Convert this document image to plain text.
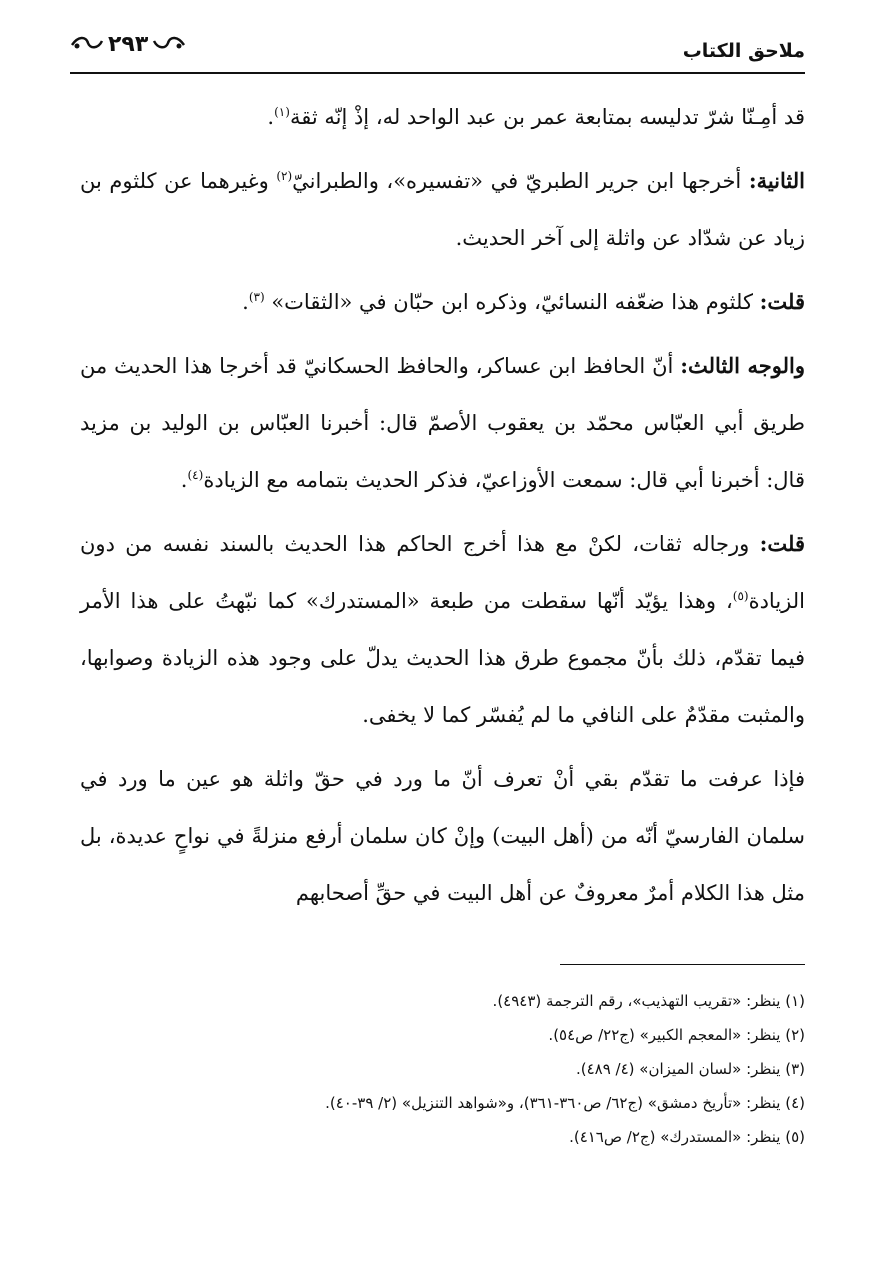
ملاحق الكتاب
٢٩٣

قد أمِـنّا شرّ تدليسه بمتابعة عمر بن عبد الواحد له، إذْ إنّه ثقة$^{(١)}$.

الثانية: أخرجها ابن جرير الطبريّ في «تفسيره»، والطبرانيّ$^{(٢)}$ وغيرهما عن كلثوم بن زياد عن شدّاد عن واثلة إلى آخر الحديث.

قلت: كلثوم هذا ضعّفه النسائيّ، وذكره ابن حبّان في «الثقات» $^{(٣)}$.

والوجه الثالث: أنّ الحافظ ابن عساكر، والحافظ الحسكانيّ قد أخرجا هذا الحديث من طريق أبي العبّاس محمّد بن يعقوب الأصمّ قال: أخبرنا العبّاس بن الوليد بن مزيد قال: أخبرنا أبي قال: سمعت الأوزاعيّ، فذكر الحديث بتمامه مع الزيادة$^{(٤)}$.

قلت: ورجاله ثقات، لكنْ مع هذا أخرج الحاكم هذا الحديث بالسند نفسه من دون الزيادة$^{(٥)}$، وهذا يؤيّد أنّها سقطت من طبعة «المستدرك» كما نبّهتُ على هذا الأمر فيما تقدّم، ذلك بأنّ مجموع طرق هذا الحديث يدلّ على وجود هذه الزيادة وصوابها، والمثبت مقدّمٌ على النافي ما لم يُفسّر كما لا يخفى.

فإذا عرفت ما تقدّم بقي أنْ تعرف أنّ ما ورد في حقّ واثلة هو عين ما ورد في سلمان الفارسيّ أنّه من (أهل البيت) وإنْ كان سلمان أرفع منزلةً في نواحٍ عديدة، بل مثل هذا الكلام أمرٌ معروفٌ عن أهل البيت في حقِّ أصحابهم

(١) ينظر: «تقريب التهذيب»، رقم الترجمة (٤٩٤٣).
(٢) ينظر: «المعجم الكبير» (ج٢٢/ ص٥٤).
(٣) ينظر: «لسان الميزان» (٤/ ٤٨٩).
(٤) ينظر: «تأريخ دمشق» (ج٦٢/ ص٣٦٠-٣٦١)، و«شواهد التنزيل» (٢/ ٣٩-٤٠).
(٥) ينظر: «المستدرك» (ج٢/ ص٤١٦).
